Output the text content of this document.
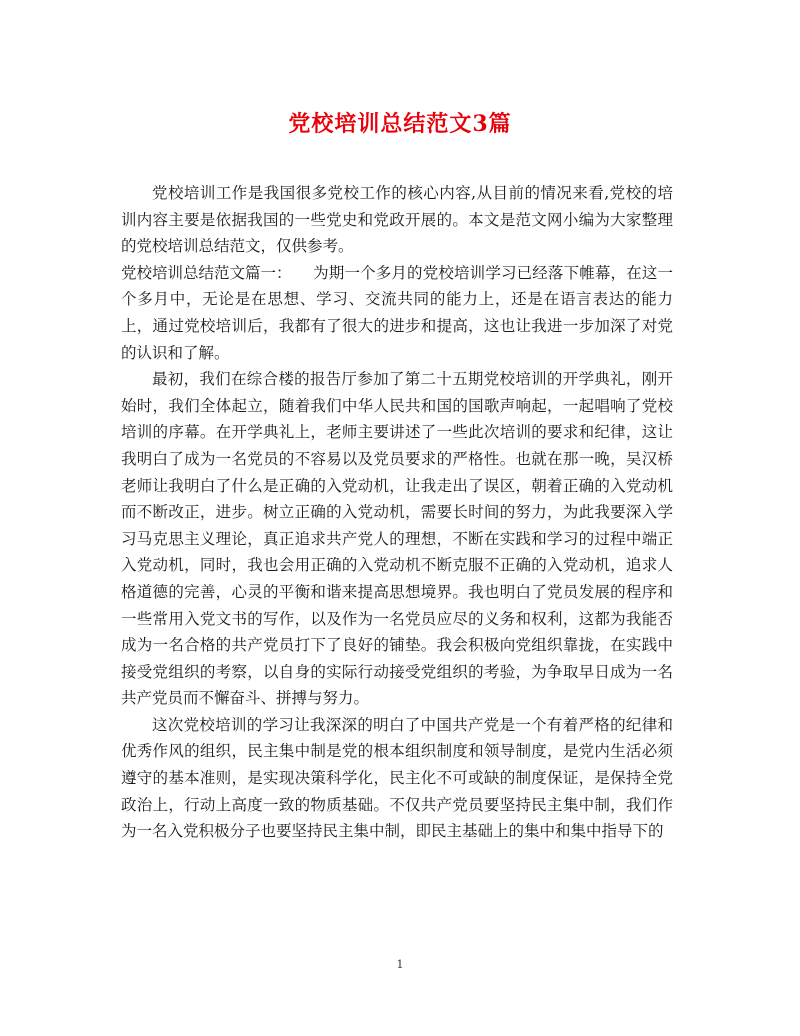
党校培训总结范文3篇

党校培训工作是我国很多党校工作的核心内容,从目前的情况来看,党校的培训内容主要是依据我国的一些党史和党政开展的。本文是范文网小编为大家整理的党校培训总结范文，仅供参考。

党校培训总结范文篇一： 为期一个多月的党校培训学习已经落下帷幕，在这一个多月中，无论是在思想、学习、交流共同的能力上，还是在语言表达的能力上，通过党校培训后，我都有了很大的进步和提高，这也让我进一步加深了对党的认识和了解。

最初，我们在综合楼的报告厅参加了第二十五期党校培训的开学典礼，刚开始时，我们全体起立，随着我们中华人民共和国的国歌声响起，一起唱响了党校培训的序幕。在开学典礼上，老师主要讲述了一些此次培训的要求和纪律，这让我明白了成为一名党员的不容易以及党员要求的严格性。也就在那一晚，吴汉桥老师让我明白了什么是正确的入党动机，让我走出了误区，朝着正确的入党动机而不断改正，进步。树立正确的入党动机，需要长时间的努力，为此我要深入学习马克思主义理论，真正追求共产党人的理想，不断在实践和学习的过程中端正入党动机，同时，我也会用正确的入党动机不断克服不正确的入党动机，追求人格道德的完善，心灵的平衡和谐来提高思想境界。我也明白了党员发展的程序和一些常用入党文书的写作，以及作为一名党员应尽的义务和权利，这都为我能否成为一名合格的共产党员打下了良好的铺垫。我会积极向党组织靠拢，在实践中接受党组织的考察，以自身的实际行动接受党组织的考验，为争取早日成为一名共产党员而不懈奋斗、拼搏与努力。

这次党校培训的学习让我深深的明白了中国共产党是一个有着严格的纪律和优秀作风的组织，民主集中制是党的根本组织制度和领导制度，是党内生活必须遵守的基本准则，是实现决策科学化，民主化不可或缺的制度保证，是保持全党政治上，行动上高度一致的物质基础。不仅共产党员要坚持民主集中制，我们作为一名入党积极分子也要坚持民主集中制，即民主基础上的集中和集中指导下的

1
